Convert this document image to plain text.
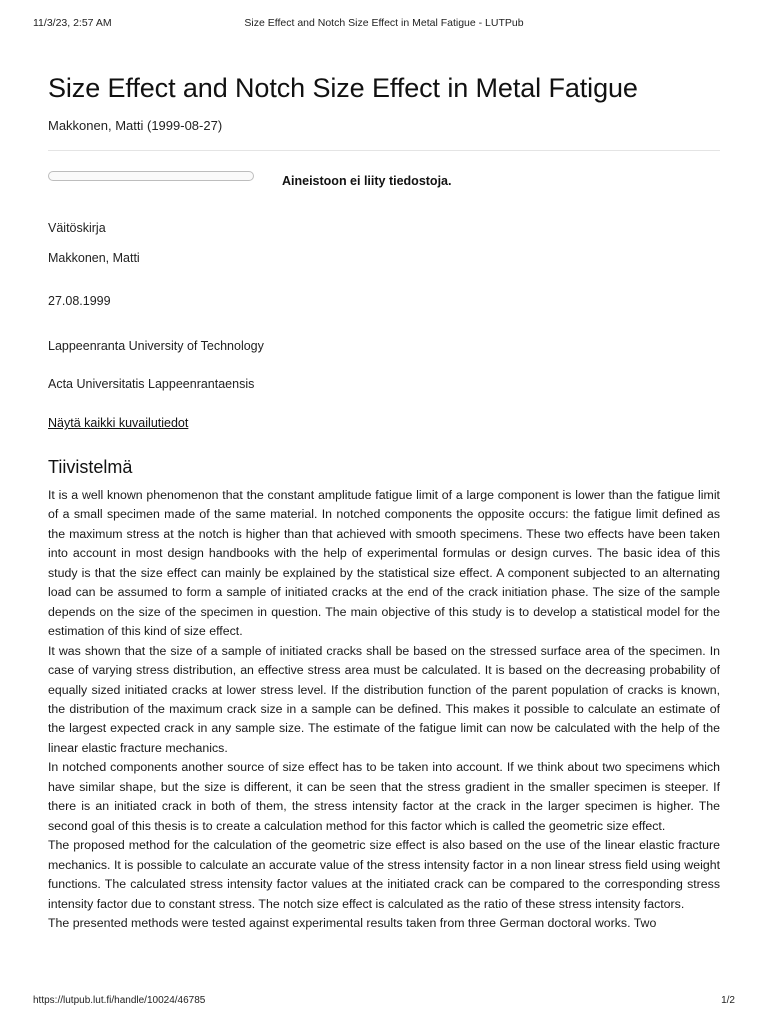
11/3/23, 2:57 AM	Size Effect and Notch Size Effect in Metal Fatigue - LUTPub
Size Effect and Notch Size Effect in Metal Fatigue
Makkonen, Matti (1999-08-27)
Aineistoon ei liity tiedostoja.
Väitöskirja
Makkonen, Matti
27.08.1999
Lappeenranta University of Technology
Acta Universitatis Lappeenrantaensis
Näytä kaikki kuvailutiedot
Tiivistelmä

It is a well known phenomenon that the constant amplitude fatigue limit of a large component is lower than the fatigue limit of a small specimen made of the same material. In notched components the opposite occurs: the fatigue limit defined as the maximum stress at the notch is higher than that achieved with smooth specimens. These two effects have been taken into account in most design handbooks with the help of experimental formulas or design curves. The basic idea of this study is that the size effect can mainly be explained by the statistical size effect. A component subjected to an alternating load can be assumed to form a sample of initiated cracks at the end of the crack initiation phase. The size of the sample depends on the size of the specimen in question. The main objective of this study is to develop a statistical model for the estimation of this kind of size effect.

It was shown that the size of a sample of initiated cracks shall be based on the stressed surface area of the specimen. In case of varying stress distribution, an effective stress area must be calculated. It is based on the decreasing probability of equally sized initiated cracks at lower stress level. If the distribution function of the parent population of cracks is known, the distribution of the maximum crack size in a sample can be defined. This makes it possible to calculate an estimate of the largest expected crack in any sample size. The estimate of the fatigue limit can now be calculated with the help of the linear elastic fracture mechanics.

In notched components another source of size effect has to be taken into account. If we think about two specimens which have similar shape, but the size is different, it can be seen that the stress gradient in the smaller specimen is steeper. If there is an initiated crack in both of them, the stress intensity factor at the crack in the larger specimen is higher. The second goal of this thesis is to create a calculation method for this factor which is called the geometric size effect.

The proposed method for the calculation of the geometric size effect is also based on the use of the linear elastic fracture mechanics. It is possible to calculate an accurate value of the stress intensity factor in a non linear stress field using weight functions. The calculated stress intensity factor values at the initiated crack can be compared to the corresponding stress intensity factor due to constant stress. The notch size effect is calculated as the ratio of these stress intensity factors.

The presented methods were tested against experimental results taken from three German doctoral works. Two

https://lutpub.lut.fi/handle/10024/46785	1/2
